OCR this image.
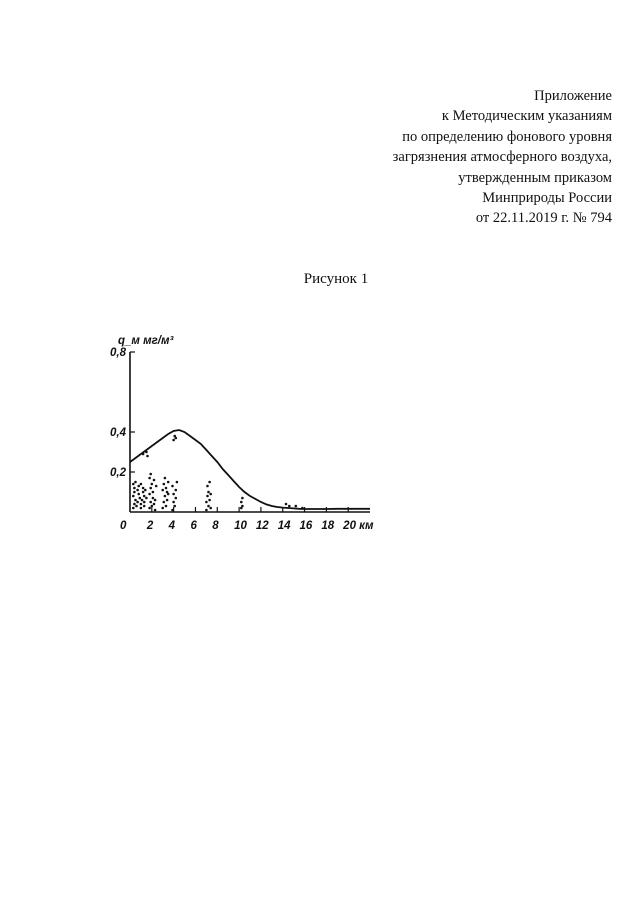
Приложение
к Методическим указаниям
по определению фонового уровня
загрязнения атмосферного воздуха,
утвержденным приказом
Минприроды России
от 22.11.2019 г. № 794
Рисунок 1
0 2 4 6 8 10 12 14 16 18 20 км
0,2
0,4
0,8
q_м мг/м³
